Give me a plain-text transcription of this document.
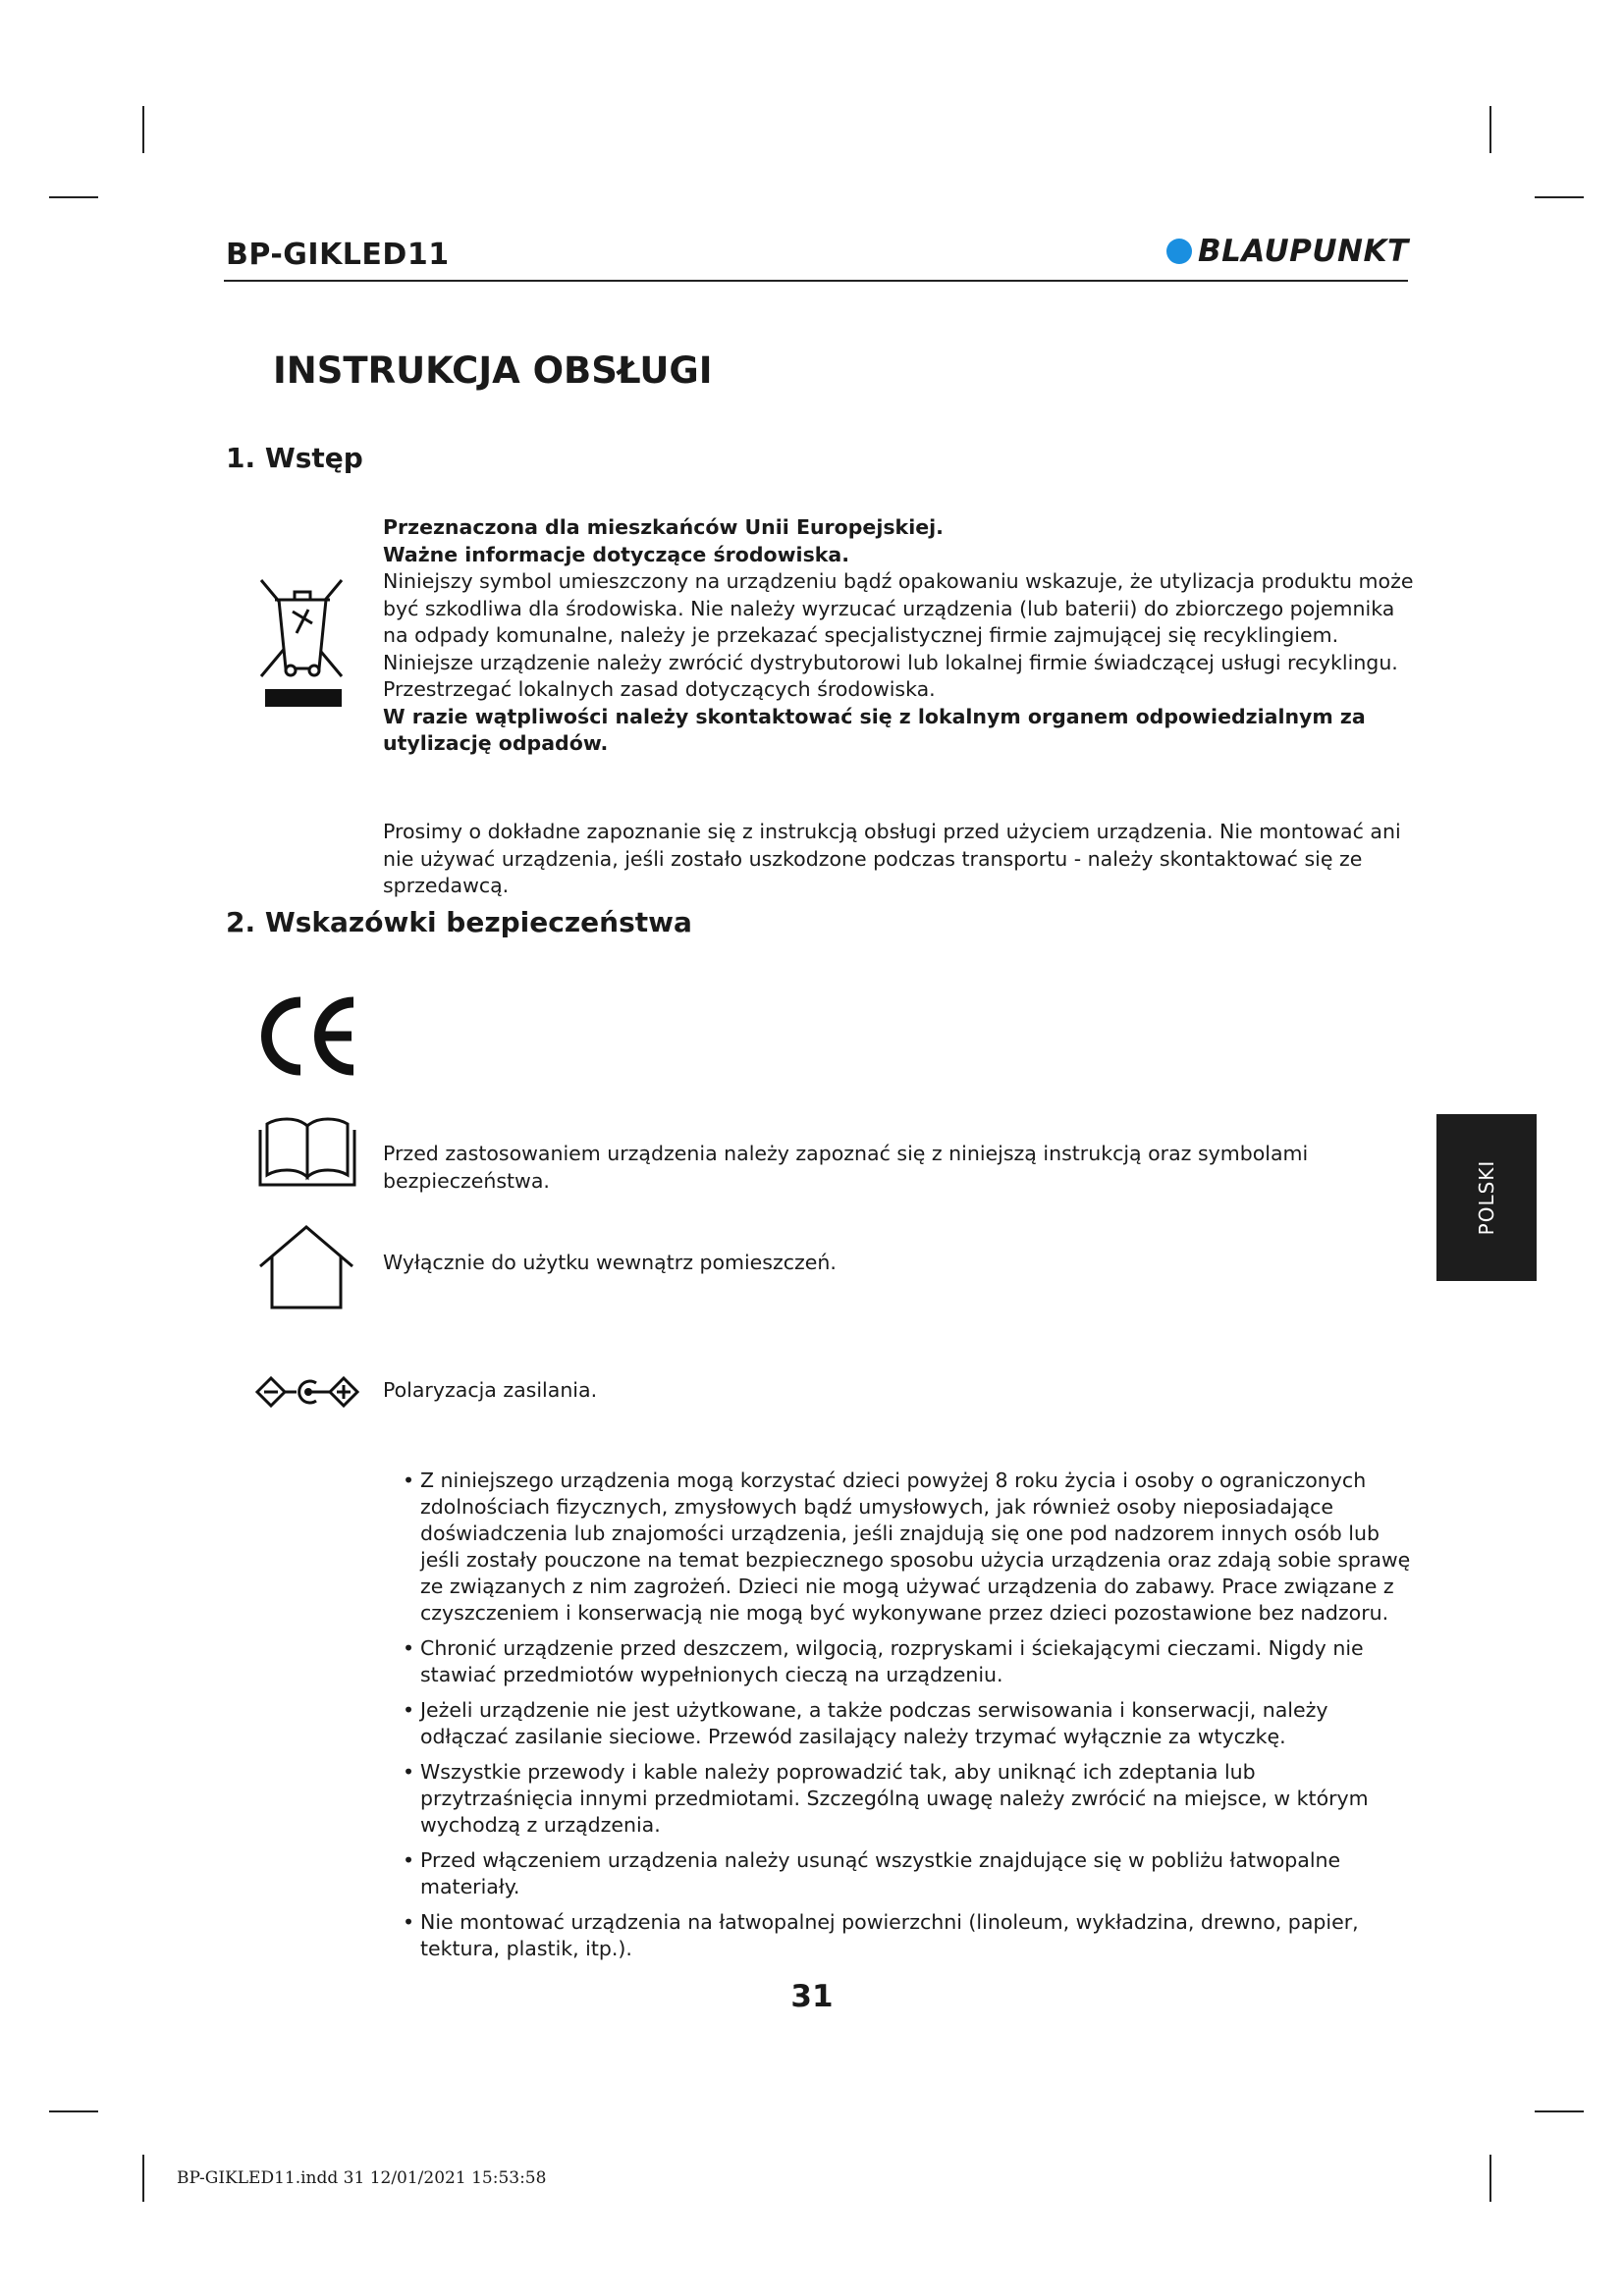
BP-GIKLED11	BLAUPUNKT
INSTRUKCJA OBSŁUGI
1. Wstęp
Przeznaczona dla mieszkańców Unii Europejskiej.
Ważne informacje dotyczące środowiska.
Niniejszy symbol umieszczony na urządzeniu bądź opakowaniu wskazuje, że utylizacja produktu może być szkodliwa dla środowiska. Nie należy wyrzucać urządzenia (lub baterii) do zbiorczego pojemnika na odpady komunalne, należy je przekazać specjalistycznej firmie zajmującej się recyklingiem. Niniejsze urządzenie należy zwrócić dystrybutorowi lub lokalnej firmie świadczącej usługi recyklingu. Przestrzegać lokalnych zasad dotyczących środowiska.
W razie wątpliwości należy skontaktować się z lokalnym organem odpowiedzialnym za utylizację odpadów.
Prosimy o dokładne zapoznanie się z instrukcją obsługi przed użyciem urządzenia. Nie montować ani nie używać urządzenia, jeśli zostało uszkodzone podczas transportu - należy skontaktować się ze sprzedawcą.
2. Wskazówki bezpieczeństwa
Przed zastosowaniem urządzenia należy zapoznać się z niniejszą instrukcją oraz symbolami bezpieczeństwa.
Wyłącznie do użytku wewnątrz pomieszczeń.
Polaryzacja zasilania.
• Z niniejszego urządzenia mogą korzystać dzieci powyżej 8 roku życia i osoby o ograniczonych zdolnościach fizycznych, zmysłowych bądź umysłowych, jak również osoby nieposiadające doświadczenia lub znajomości urządzenia, jeśli znajdują się one pod nadzorem innych osób lub jeśli zostały pouczone na temat bezpiecznego sposobu użycia urządzenia oraz zdają sobie sprawę ze związanych z nim zagrożeń. Dzieci nie mogą używać urządzenia do zabawy. Prace związane z czyszczeniem i konserwacją nie mogą być wykonywane przez dzieci pozostawione bez nadzoru.
• Chronić urządzenie przed deszczem, wilgocią, rozpryskami i ściekającymi cieczami. Nigdy nie stawiać przedmiotów wypełnionych cieczą na urządzeniu.
• Jeżeli urządzenie nie jest użytkowane, a także podczas serwisowania i konserwacji, należy odłączać zasilanie sieciowe. Przewód zasilający należy trzymać wyłącznie za wtyczkę.
• Wszystkie przewody i kable należy poprowadzić tak, aby uniknąć ich zdeptania lub przytrzaśnięcia innymi przedmiotami. Szczególną uwagę należy zwrócić na miejsce, w którym wychodzą z urządzenia.
• Przed włączeniem urządzenia należy usunąć wszystkie znajdujące się w pobliżu łatwopalne materiały.
• Nie montować urządzenia na łatwopalnej powierzchni (linoleum, wykładzina, drewno, papier, tektura, plastik, itp.).
POLSKI
31
BP-GIKLED11.indd 31 12/01/2021 15:53:58
